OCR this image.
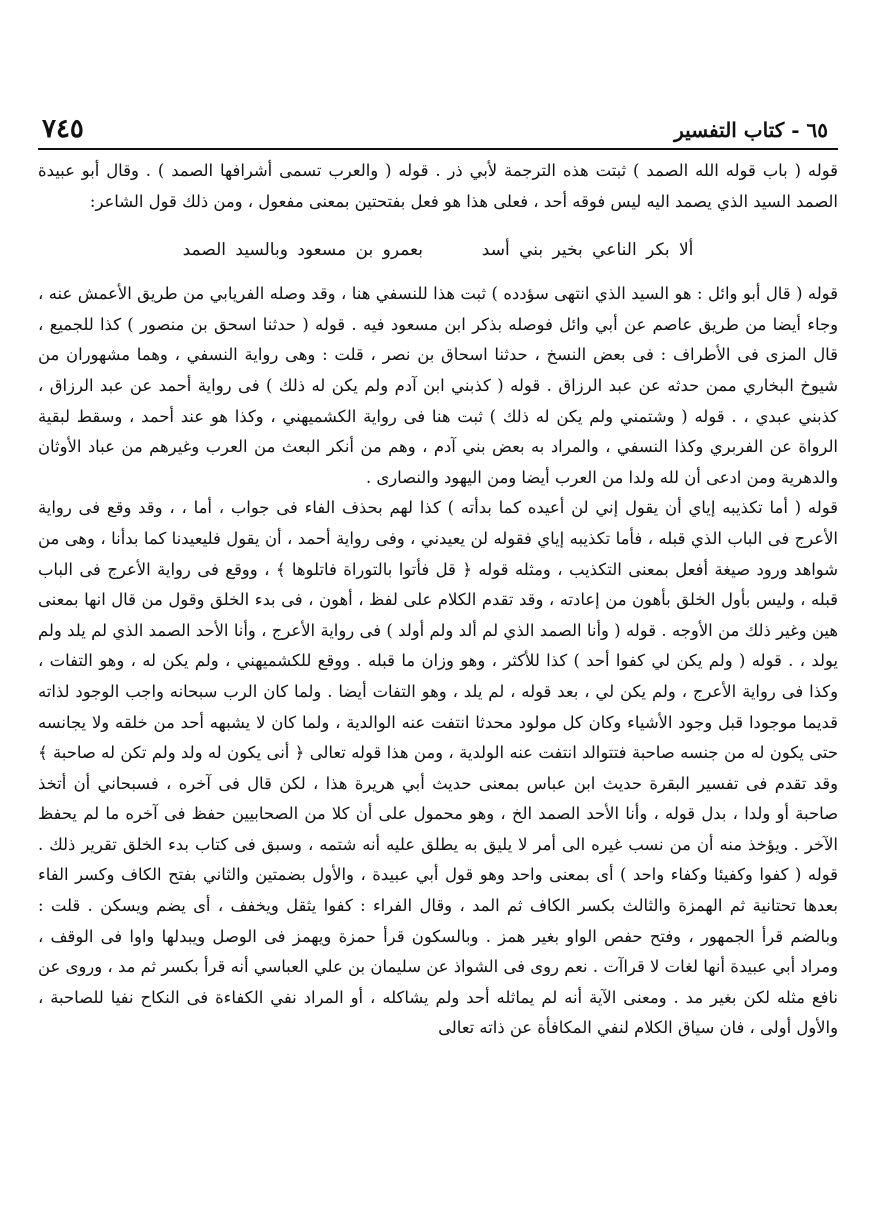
٧٤٥	٦٥ - كتاب التفسير

قوله ( باب قوله الله الصمد ) ثبتت هذه الترجمة لأبي ذر . قوله ( والعرب تسمى أشرافها الصمد ) . وقال أبو عبيدة الصمد السيد الذي يصمد اليه ليس فوقه أحد ، فعلى هذا هو فعل بفتحتين بمعنى مفعول ، ومن ذلك قول الشاعر:

ألا بكر الناعي بخير بني أسد  بعمرو بن مسعود وبالسيد الصمد

قوله ( قال أبو وائل : هو السيد الذي انتهى سؤدده ) ثبت هذا للنسفي هنا ، وقد وصله الفريابي من طريق الأعمش عنه ، وجاء أيضا من طريق عاصم عن أبي وائل فوصله بذكر ابن مسعود فيه . قوله ( حدثنا اسحق بن منصور ) كذا للجميع ، قال المزى فى الأطراف : فى بعض النسخ ، حدثنا اسحاق بن نصر ، قلت : وهى رواية النسفي ، وهما مشهوران من شيوخ البخاري ممن حدثه عن عبد الرزاق . قوله ( كذبني ابن آدم ولم يكن له ذلك ) فى رواية أحمد عن عبد الرزاق ، كذبني عبدي ، . قوله ( وشتمني ولم يكن له ذلك ) ثبت هنا فى رواية الكشميهني ، وكذا هو عند أحمد ، وسقط لبقية الرواة عن الفربري وكذا النسفي ، والمراد به بعض بني آدم ، وهم من أنكر البعث من العرب وغيرهم من عباد الأوثان والدهرية ومن ادعى أن لله ولدا من العرب أيضا ومن اليهود والنصارى .

قوله ( أما تكذيبه إياي أن يقول إني لن أعيده كما بدأته ) كذا لهم بحذف الفاء فى جواب ، أما ، ، وقد وقع فى رواية الأعرج فى الباب الذي قبله ، فأما تكذيبه إياي فقوله لن يعيدني ، وفى رواية أحمد ، أن يقول فليعيدنا كما بدأنا ، وهى من شواهد ورود صيغة أفعل بمعنى التكذيب ، ومثله قوله ﴿ قل فأتوا بالتوراة فاتلوها ﴾ ، ووقع فى رواية الأعرج فى الباب قبله ، وليس بأول الخلق بأهون من إعادته ، وقد تقدم الكلام على لفظ ، أهون ، فى بدء الخلق وقول من قال انها بمعنى هين وغير ذلك من الأوجه . قوله ( وأنا الصمد الذي لم ألد ولم أولد ) فى رواية الأعرج ، وأنا الأحد الصمد الذي لم يلد ولم يولد ، . قوله ( ولم يكن لي كفوا أحد ) كذا للأكثر ، وهو وزان ما قبله . ووقع للكشميهني ، ولم يكن له ، وهو التفات ، وكذا فى رواية الأعرج ، ولم يكن لي ، بعد قوله ، لم يلد ، وهو التفات أيضا . ولما كان الرب سبحانه واجب الوجود لذاته قديما موجودا قبل وجود الأشياء وكان كل مولود محدثا انتفت عنه الوالدية ، ولما كان لا يشبهه أحد من خلقه ولا يجانسه حتى يكون له من جنسه صاحبة فتتوالد انتفت عنه الولدية ، ومن هذا قوله تعالى ﴿ أنى يكون له ولد ولم تكن له صاحبة ﴾ وقد تقدم فى تفسير البقرة حديث ابن عباس بمعنى حديث أبي هريرة هذا ، لكن قال فى آخره ، فسبحاني أن أتخذ صاحبة أو ولدا ، بدل قوله ، وأنا الأحد الصمد الخ ، وهو محمول على أن كلا من الصحابيين حفظ فى آخره ما لم يحفظ الآخر . ويؤخذ منه أن من نسب غيره الى أمر لا يليق به يطلق عليه أنه شتمه ، وسبق فى كتاب بدء الخلق تقرير ذلك . قوله ( كفوا وكفيئا وكفاء واحد ) أى بمعنى واحد وهو قول أبي عبيدة ، والأول بضمتين والثاني بفتح الكاف وكسر الفاء بعدها تحتانية ثم الهمزة والثالث بكسر الكاف ثم المد ، وقال الفراء : كفوا يثقل ويخفف ، أى يضم ويسكن . قلت : وبالضم قرأ الجمهور ، وفتح حفص الواو بغير همز . وبالسكون قرأ حمزة ويهمز فى الوصل ويبدلها واوا فى الوقف ، ومراد أبي عبيدة أنها لغات لا قراآت . نعم روى فى الشواذ عن سليمان بن علي العباسي أنه قرأ بكسر ثم مد ، وروى عن نافع مثله لكن بغير مد . ومعنى الآية أنه لم يماثله أحد ولم يشاكله ، أو المراد نفي الكفاءة فى النكاح نفيا للصاحبة ، والأول أولى ، فان سياق الكلام لنفي المكافأة عن ذاته تعالى
